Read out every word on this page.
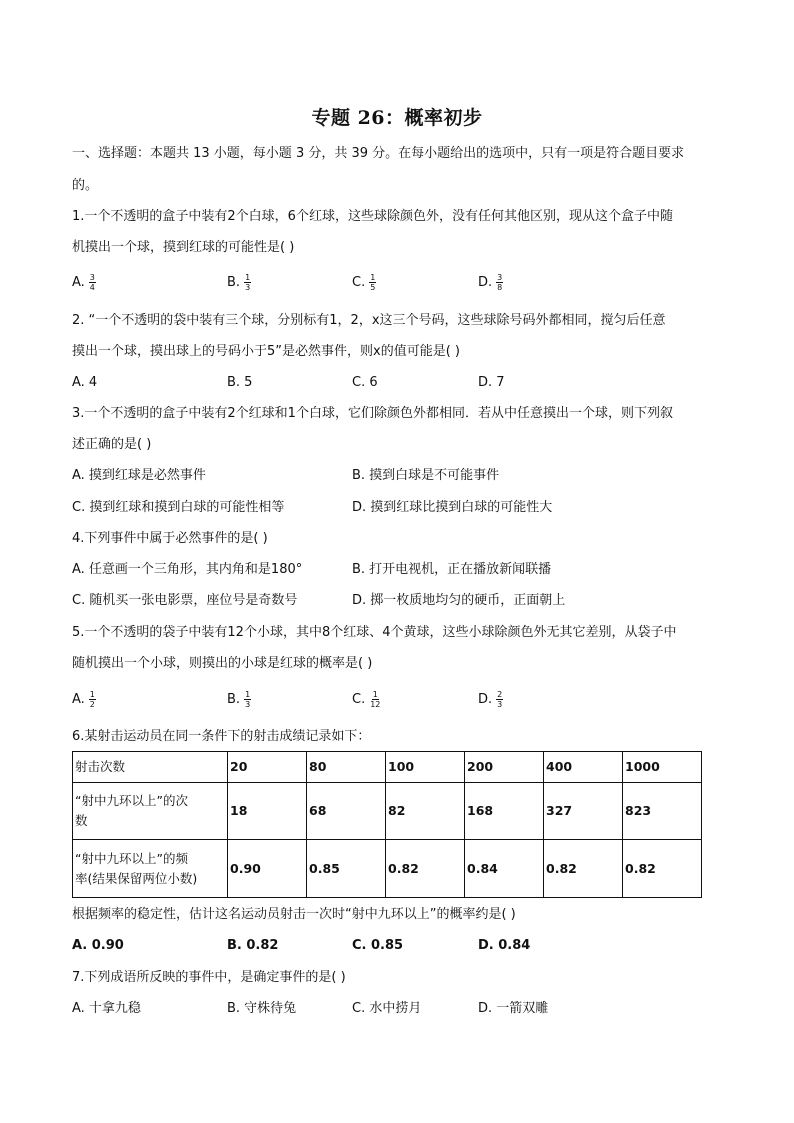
专题 26：概率初步
一、选择题：本题共 13 小题，每小题 3 分，共 39 分。在每小题给出的选项中，只有一项是符合题目要求
的。
1.一个不透明的盒子中装有2个白球，6个红球，这些球除颜色外，没有任何其他区别，现从这个盒子中随
机摸出一个球，摸到红球的可能性是( )
A. $\frac{3}{4}$	B. $\frac{1}{3}$	C. $\frac{1}{5}$	D. $\frac{3}{8}$
2. “一个不透明的袋中装有三个球，分别标有1，2，x这三个号码，这些球除号码外都相同，搅匀后任意
摸出一个球，摸出球上的号码小于5”是必然事件，则x的值可能是( )
A. 4	B. 5	C. 6	D. 7
3.一个不透明的盒子中装有2个红球和1个白球，它们除颜色外都相同．若从中任意摸出一个球，则下列叙
述正确的是( )
A. 摸到红球是必然事件	B. 摸到白球是不可能事件
C. 摸到红球和摸到白球的可能性相等	D. 摸到红球比摸到白球的可能性大
4.下列事件中属于必然事件的是( )
A. 任意画一个三角形，其内角和是180°	B. 打开电视机，正在播放新闻联播
C. 随机买一张电影票，座位号是奇数号	D. 掷一枚质地均匀的硬币，正面朝上
5.一个不透明的袋子中装有12个小球，其中8个红球、4个黄球，这些小球除颜色外无其它差别，从袋子中
随机摸出一个小球，则摸出的小球是红球的概率是( )
A. $\frac{1}{2}$	B. $\frac{1}{3}$	C. $\frac{1}{12}$	D. $\frac{2}{3}$
6.某射击运动员在同一条件下的射击成绩记录如下：
射击次数	20	80	100	200	400	1000

“射中九环以上”的次
数	18	68	82	168	327	823

“射中九环以上”的频
率(结果保留两位小数)	0.90	0.85	0.82	0.84	0.82	0.82
根据频率的稳定性，估计这名运动员射击一次时“射中九环以上”的概率约是( )
A. 0.90	B. 0.82	C. 0.85	D. 0.84
7.下列成语所反映的事件中，是确定事件的是( )
A. 十拿九稳	B. 守株待兔	C. 水中捞月	D. 一箭双雕
